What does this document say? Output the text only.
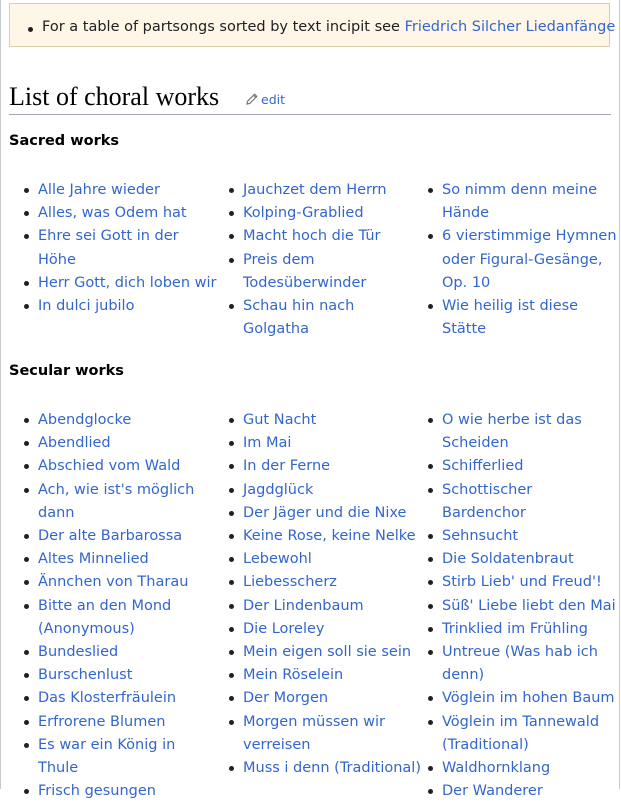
For a table of partsongs sorted by text incipit see Friedrich Silcher Liedanfänge
List of choral works	edit
Sacred works
Alle Jahre wieder
Alles, was Odem hat
Ehre sei Gott in der Höhe
Herr Gott, dich loben wir
In dulci jubilo
Jauchzet dem Herrn
Kolping-Grablied
Macht hoch die Tür
Preis dem Todesüberwinder
Schau hin nach Golgatha
So nimm denn meine Hände
6 vierstimmige Hymnen oder Figural-Gesänge, Op. 10
Wie heilig ist diese Stätte
Secular works
Abendglocke
Abendlied
Abschied vom Wald
Ach, wie ist's möglich dann
Der alte Barbarossa
Altes Minnelied
Ännchen von Tharau
Bitte an den Mond (Anonymous)
Bundeslied
Burschenlust
Das Klosterfräulein
Erfrorene Blumen
Es war ein König in Thule
Frisch gesungen
Gut Nacht
Im Mai
In der Ferne
Jagdglück
Der Jäger und die Nixe
Keine Rose, keine Nelke
Lebewohl
Liebesscherz
Der Lindenbaum
Die Loreley
Mein eigen soll sie sein
Mein Röselein
Der Morgen
Morgen müssen wir verreisen
Muss i denn (Traditional)
O wie herbe ist das Scheiden
Schifferlied
Schottischer Bardenchor
Sehnsucht
Die Soldatenbraut
Stirb Lieb' und Freud'!
Süß' Liebe liebt den Mai
Trinklied im Frühling
Untreue (Was hab ich denn)
Vöglein im hohen Baum
Vöglein im Tannewald (Traditional)
Waldhornklang
Der Wanderer
